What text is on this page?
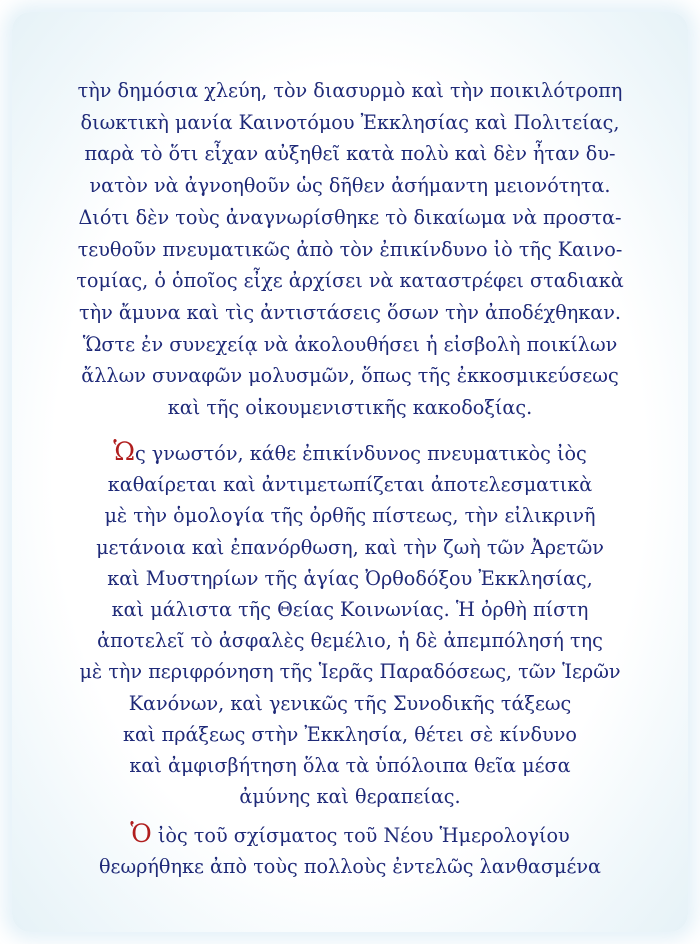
τὴν δημόσια χλεύη, τὸν διασυρμὸ καὶ τὴν ποικιλότροπη
διωκτικὴ μανία Καινοτόμου Ἐκκλησίας καὶ Πολιτείας,
παρὰ τὸ ὅτι εἶχαν αὐξηθεῖ κατὰ πολὺ καὶ δὲν ἦταν δυ-
νατὸν νὰ ἀγνοηθοῦν ὡς δῆθεν ἀσήμαντη μειονότητα.
Διότι δὲν τοὺς ἀναγνωρίσθηκε τὸ δικαίωμα νὰ προστα-
τευθοῦν πνευματικῶς ἀπὸ τὸν ἐπικίνδυνο ἰὸ τῆς Καινο-
τομίας, ὁ ὁποῖος εἶχε ἀρχίσει νὰ καταστρέφει σταδιακὰ
τὴν ἄμυνα καὶ τὶς ἀντιστάσεις ὅσων τὴν ἀποδέχθηκαν.
Ὥστε ἐν συνεχείᾳ νὰ ἀκολουθήσει ἡ εἰσβολὴ ποικίλων
ἄλλων συναφῶν μολυσμῶν, ὅπως τῆς ἐκκοσμικεύσεως
καὶ τῆς οἰκουμενιστικῆς κακοδοξίας.
Ὡς γνωστόν, κάθε ἐπικίνδυνος πνευματικὸς ἰὸς
καθαίρεται καὶ ἀντιμετωπίζεται ἀποτελεσματικὰ
μὲ τὴν ὁμολογία τῆς ὀρθῆς πίστεως, τὴν εἰλικρινῆ
μετάνοια καὶ ἐπανόρθωση, καὶ τὴν ζωὴ τῶν Ἀρετῶν
καὶ Μυστηρίων τῆς ἁγίας Ὀρθοδόξου Ἐκκλησίας,
καὶ μάλιστα τῆς Θείας Κοινωνίας. Ἡ ὀρθὴ πίστη
ἀποτελεῖ τὸ ἀσφαλὲς θεμέλιο, ἡ δὲ ἀπεμπόλησή της
μὲ τὴν περιφρόνηση τῆς Ἱερᾶς Παραδόσεως, τῶν Ἱερῶν
Κανόνων, καὶ γενικῶς τῆς Συνοδικῆς τάξεως
καὶ πράξεως στὴν Ἐκκλησία, θέτει σὲ κίνδυνο
καὶ ἀμφισβήτηση ὅλα τὰ ὑπόλοιπα θεῖα μέσα
ἀμύνης καὶ θεραπείας.
Ὁ ἰὸς τοῦ σχίσματος τοῦ Νέου Ἡμερολογίου
θεωρήθηκε ἀπὸ τοὺς πολλοὺς ἐντελῶς λανθασμένα
